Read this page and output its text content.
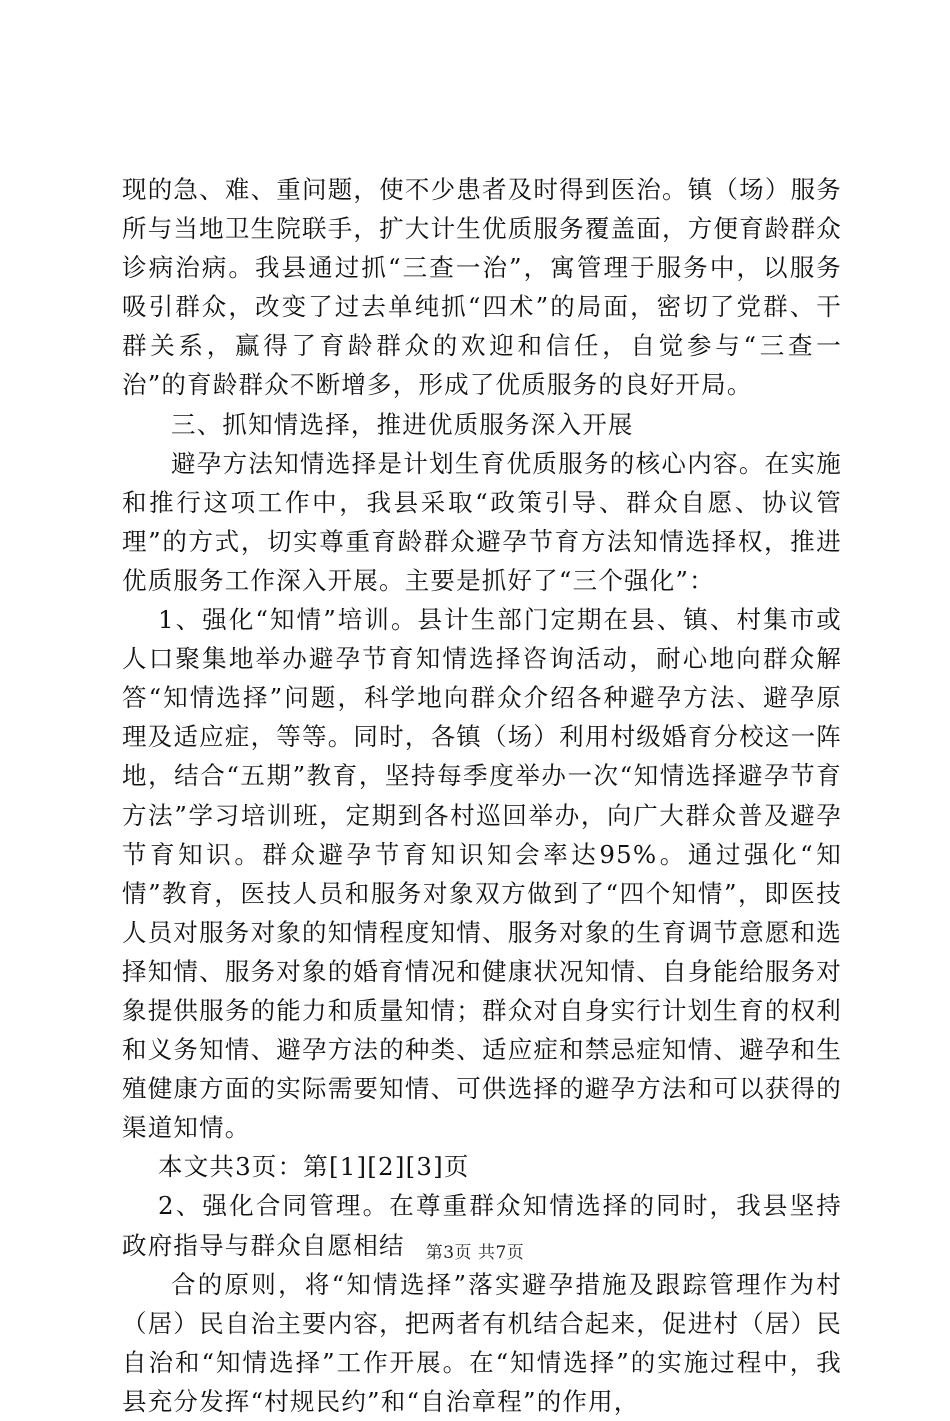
现的急、难、重问题，使不少患者及时得到医治。镇（场）服务所与当地卫生院联手，扩大计生优质服务覆盖面，方便育龄群众诊病治病。我县通过抓“三查一治”，寓管理于服务中，以服务吸引群众，改变了过去单纯抓“四术”的局面，密切了党群、干群关系，赢得了育龄群众的欢迎和信任，自觉参与“三查一治”的育龄群众不断增多，形成了优质服务的良好开局。

三、抓知情选择，推进优质服务深入开展

避孕方法知情选择是计划生育优质服务的核心内容。在实施和推行这项工作中，我县采取“政策引导、群众自愿、协议管理”的方式，切实尊重育龄群众避孕节育方法知情选择权，推进优质服务工作深入开展。主要是抓好了“三个强化”：

1、强化“知情”培训。县计生部门定期在县、镇、村集市或人口聚集地举办避孕节育知情选择咨询活动，耐心地向群众解答“知情选择”问题，科学地向群众介绍各种避孕方法、避孕原理及适应症，等等。同时，各镇（场）利用村级婚育分校这一阵地，结合“五期”教育，坚持每季度举办一次“知情选择避孕节育方法”学习培训班，定期到各村巡回举办，向广大群众普及避孕节育知识。群众避孕节育知识知会率达95%。通过强化“知情”教育，医技人员和服务对象双方做到了“四个知情”，即医技人员对服务对象的知情程度知情、服务对象的生育调节意愿和选择知情、服务对象的婚育情况和健康状况知情、自身能给服务对象提供服务的能力和质量知情；群众对自身实行计划生育的权利和义务知情、避孕方法的种类、适应症和禁忌症知情、避孕和生殖健康方面的实际需要知情、可供选择的避孕方法和可以获得的渠道知情。

本文共3页：第[1][2][3]页

2、强化合同管理。在尊重群众知情选择的同时，我县坚持政府指导与群众自愿相结

合的原则，将“知情选择”落实避孕措施及跟踪管理作为村（居）民自治主要内容，把两者有机结合起来，促进村（居）民自治和“知情选择”工作开展。在“知情选择”的实施过程中，我县充分发挥“村规民约”和“自治章程”的作用，

第3页 共7页
